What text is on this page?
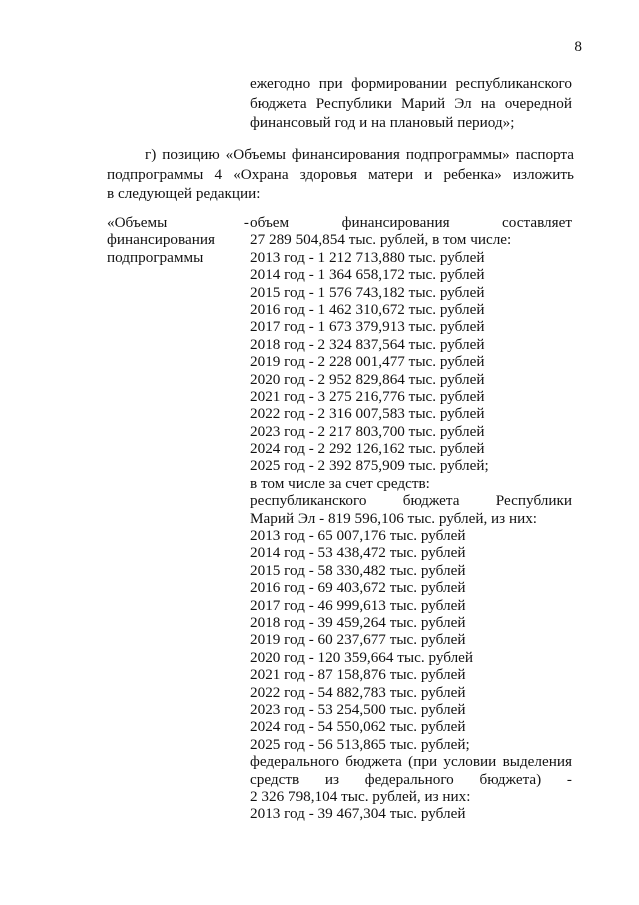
8
ежегодно при формировании республиканского
бюджета Республики Марий Эл на очередной
финансовый год и на плановый период»;
г) позицию «Объемы финансирования подпрограммы» паспорта
подпрограммы 4 «Охрана здоровья матери и ребенка» изложить
в следующей редакции:
«Объемы -
финансирования
подпрограммы
объем финансирования составляет
27 289 504,854 тыс. рублей, в том числе:
2013 год - 1 212 713,880 тыс. рублей
2014 год - 1 364 658,172 тыс. рублей
2015 год - 1 576 743,182 тыс. рублей
2016 год - 1 462 310,672 тыс. рублей
2017 год - 1 673 379,913 тыс. рублей
2018 год - 2 324 837,564 тыс. рублей
2019 год - 2 228 001,477 тыс. рублей
2020 год - 2 952 829,864 тыс. рублей
2021 год - 3 275 216,776 тыс. рублей
2022 год - 2 316 007,583 тыс. рублей
2023 год - 2 217 803,700 тыс. рублей
2024 год - 2 292 126,162 тыс. рублей
2025 год - 2 392 875,909 тыс. рублей;
в том числе за счет средств:
республиканского бюджета Республики
Марий Эл - 819 596,106 тыс. рублей, из них:
2013 год - 65 007,176 тыс. рублей
2014 год - 53 438,472 тыс. рублей
2015 год - 58 330,482 тыс. рублей
2016 год - 69 403,672 тыс. рублей
2017 год - 46 999,613 тыс. рублей
2018 год - 39 459,264 тыс. рублей
2019 год - 60 237,677 тыс. рублей
2020 год - 120 359,664 тыс. рублей
2021 год - 87 158,876 тыс. рублей
2022 год - 54 882,783 тыс. рублей
2023 год - 53 254,500 тыс. рублей
2024 год - 54 550,062 тыс. рублей
2025 год - 56 513,865 тыс. рублей;
федерального бюджета (при условии выделения
средств из федерального бюджета) -
2 326 798,104 тыс. рублей, из них:
2013 год - 39 467,304 тыс. рублей
